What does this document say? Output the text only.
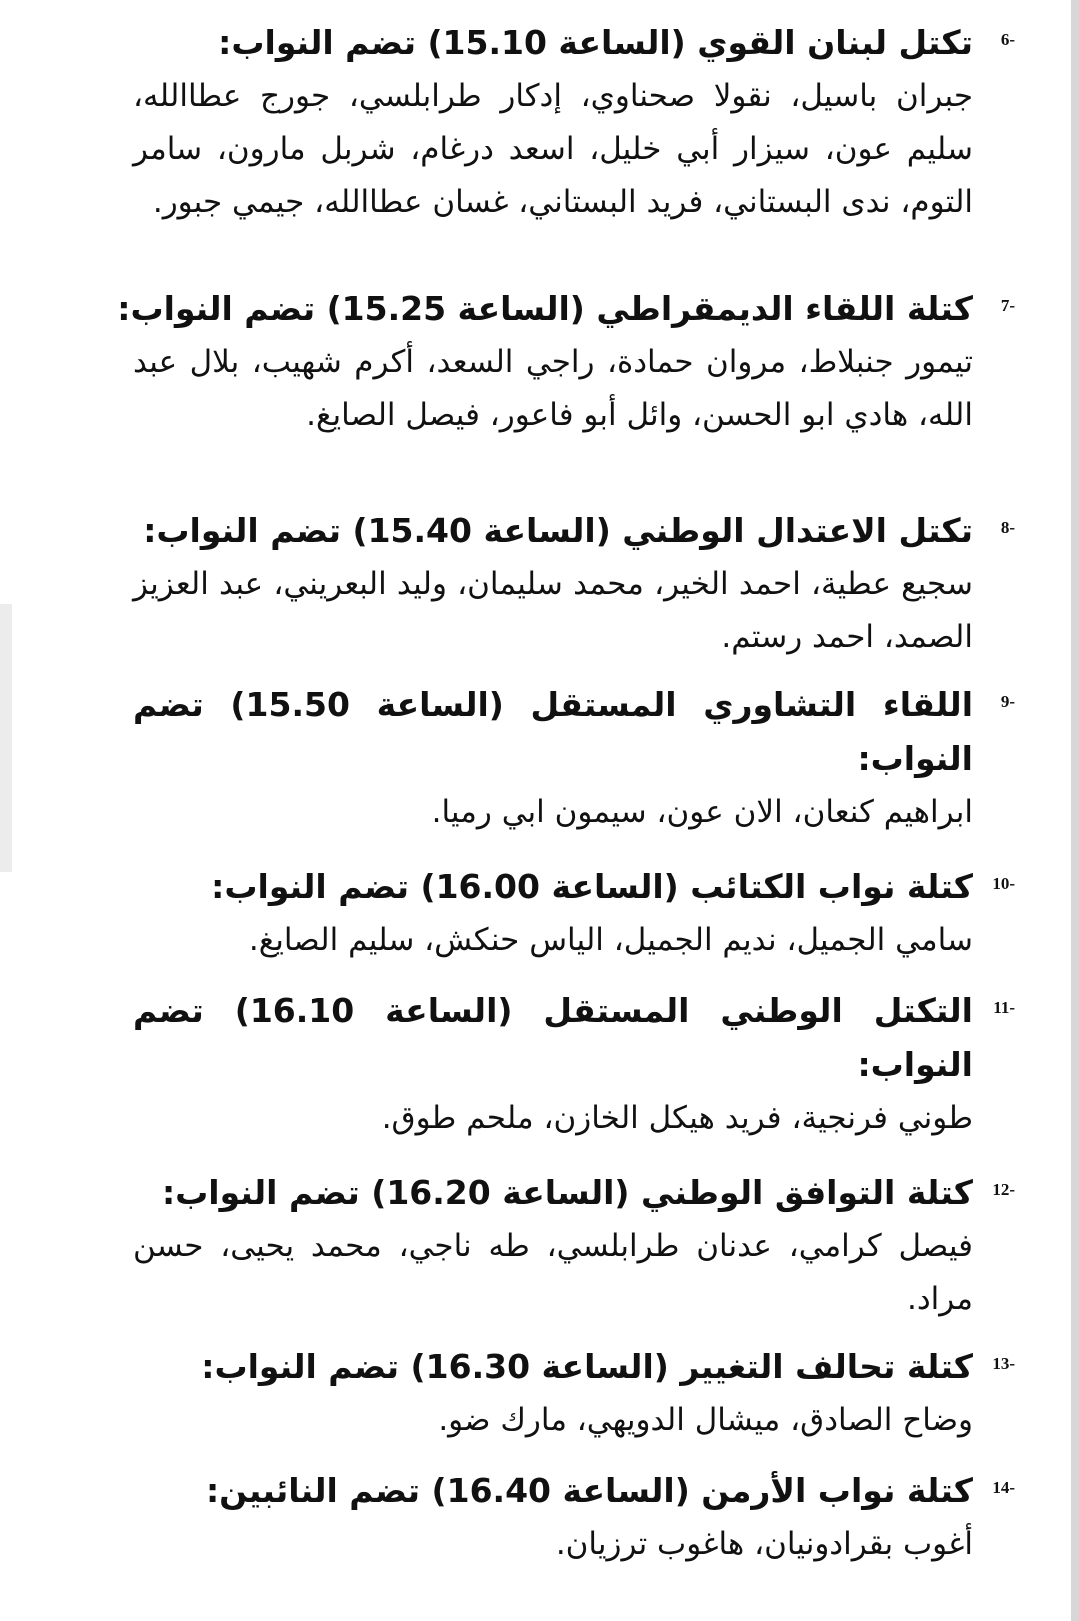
6-
تكتل لبنان القوي (الساعة 15.10) تضم النواب:

جبران باسيل، نقولا صحناوي، إدكار طرابلسي، جورج عطاالله، سليم عون، سيزار أبي خليل، اسعد درغام، شربل مارون، سامر التوم، ندى البستاني، فريد البستاني، غسان عطاالله، جيمي جبور.

7-
كتلة اللقاء الديمقراطي (الساعة 15.25) تضم النواب:

تيمور جنبلاط، مروان حمادة، راجي السعد، أكرم شهيب، بلال عبد الله، هادي ابو الحسن، وائل أبو فاعور، فيصل الصايغ.

8-
تكتل الاعتدال الوطني (الساعة 15.40) تضم النواب:

سجيع عطية، احمد الخير، محمد سليمان، وليد البعريني، عبد العزيز الصمد، احمد رستم.

9-
اللقاء التشاوري المستقل (الساعة 15.50) تضم النواب:

ابراهيم كنعان، الان عون، سيمون ابي رميا.

10-
كتلة نواب الكتائب (الساعة 16.00) تضم النواب:

سامي الجميل، نديم الجميل، الياس حنكش، سليم الصايغ.

11-
التكتل الوطني المستقل (الساعة 16.10) تضم النواب:

طوني فرنجية، فريد هيكل الخازن، ملحم طوق.

12-
كتلة التوافق الوطني (الساعة 16.20) تضم النواب:

فيصل كرامي، عدنان طرابلسي، طه ناجي، محمد يحيى، حسن مراد.

13-
كتلة تحالف التغيير (الساعة 16.30) تضم النواب:

وضاح الصادق، ميشال الدويهي، مارك ضو.

14-
كتلة نواب الأرمن (الساعة 16.40) تضم النائبين:

أغوب بقرادونيان، هاغوب ترزيان.
